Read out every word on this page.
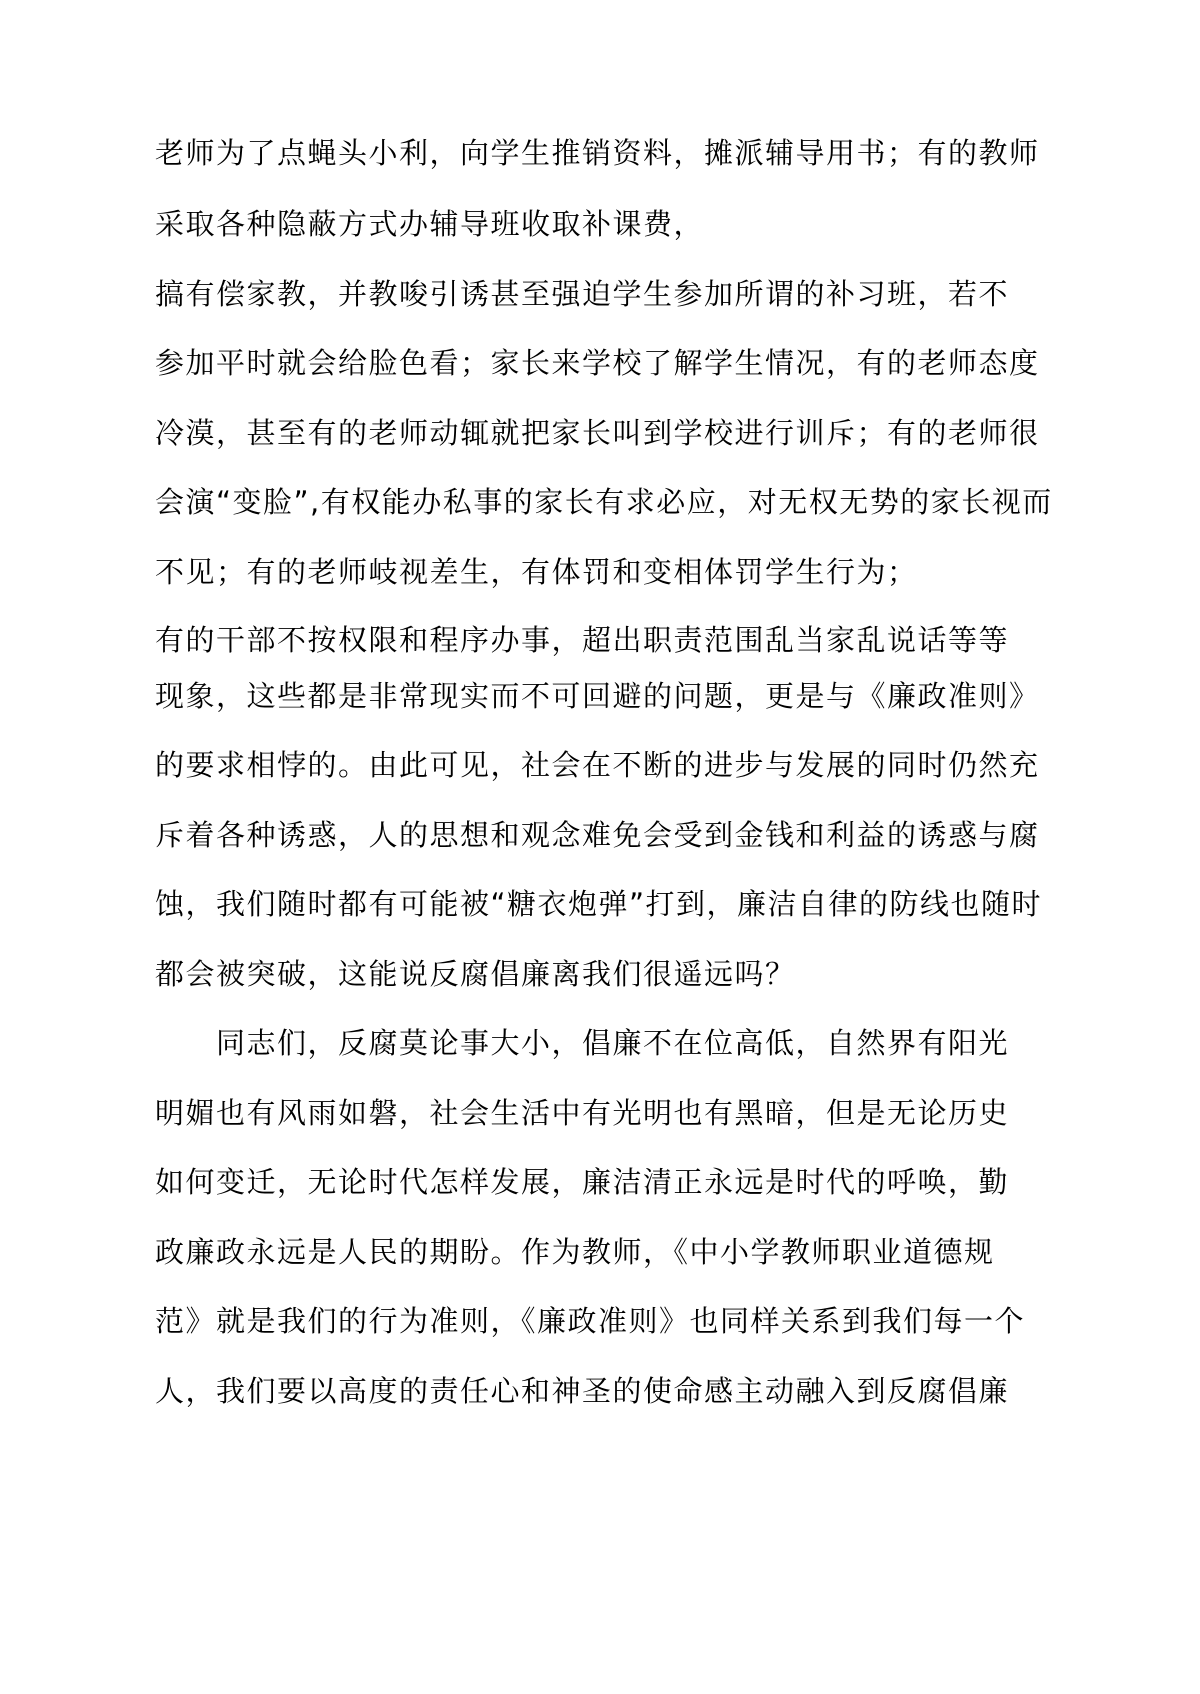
老师为了点蝇头小利，向学生推销资料，摊派辅导用书；有的教师
采取各种隐蔽方式办辅导班收取补课费，
搞有偿家教，并教唆引诱甚至强迫学生参加所谓的补习班，若不
参加平时就会给脸色看；家长来学校了解学生情况，有的老师态度
冷漠，甚至有的老师动辄就把家长叫到学校进行训斥；有的老师很
会演“变脸”,有权能办私事的家长有求必应，对无权无势的家长视而
不见；有的老师岐视差生，有体罚和变相体罚学生行为；
有的干部不按权限和程序办事，超出职责范围乱当家乱说话等等
现象，这些都是非常现实而不可回避的问题，更是与《廉政准则》
的要求相悖的。由此可见，社会在不断的进步与发展的同时仍然充
斥着各种诱惑，人的思想和观念难免会受到金钱和利益的诱惑与腐
蚀，我们随时都有可能被“糖衣炮弹”打到，廉洁自律的防线也随时
都会被突破，这能说反腐倡廉离我们很遥远吗？
　　同志们，反腐莫论事大小，倡廉不在位高低，自然界有阳光
明媚也有风雨如磐，社会生活中有光明也有黑暗，但是无论历史
如何变迁，无论时代怎样发展，廉洁清正永远是时代的呼唤，勤
政廉政永远是人民的期盼。作为教师，《中小学教师职业道德规
范》就是我们的行为准则，《廉政准则》也同样关系到我们每一个
人，我们要以高度的责任心和神圣的使命感主动融入到反腐倡廉
